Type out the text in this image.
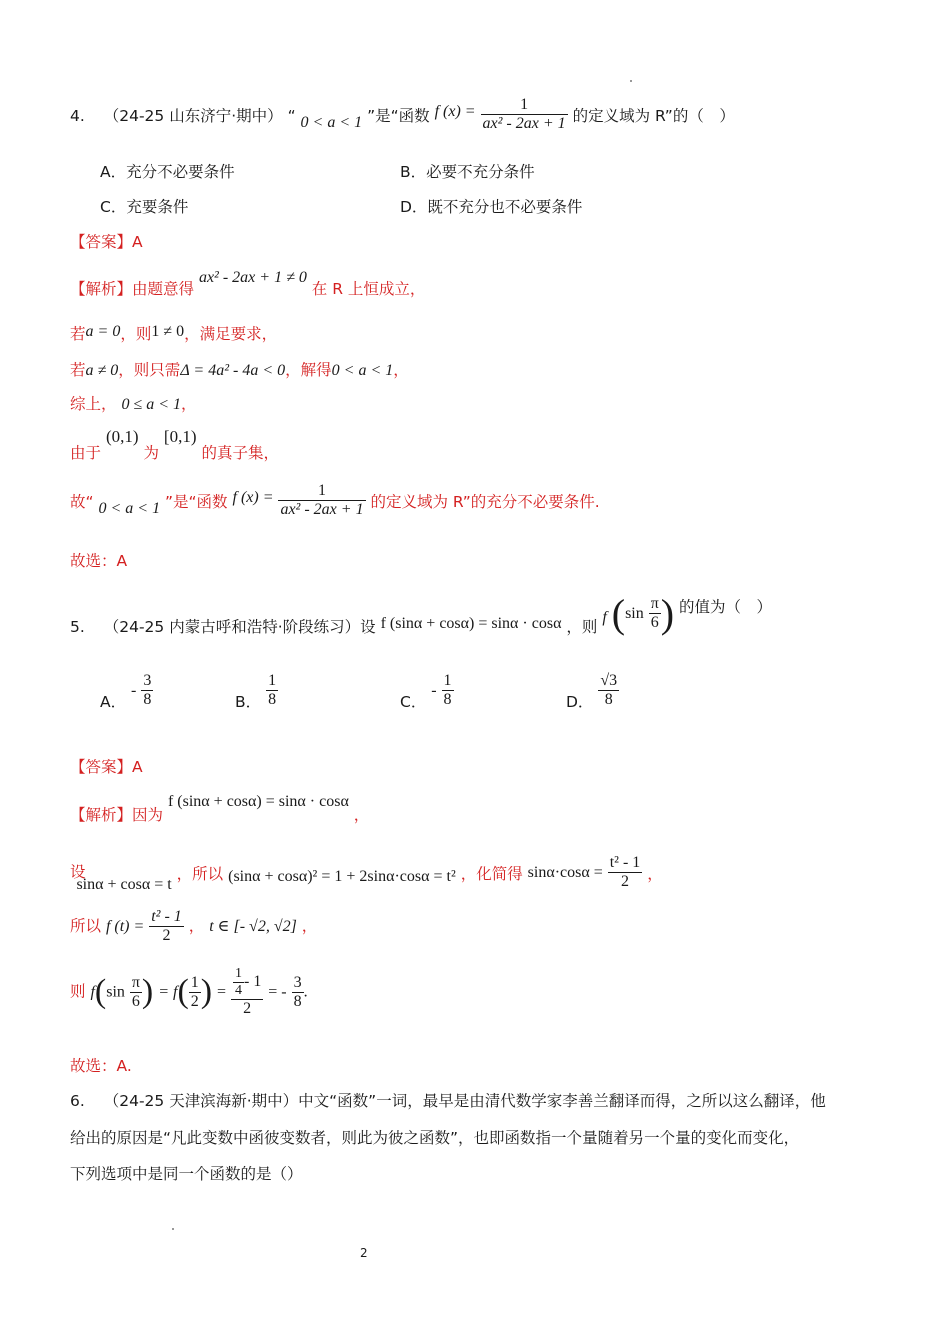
4. （24-25 山东济宁·期中） “ 0 < a < 1 ”是“函数 f $(x) = \frac{1}{\text{ax² - 2ax + 1}}$ 的定义域为 R”的（　）
A．充分不必要条件	B．必要不充分条件
C．充要条件	D．既不充分也不必要条件
【答案】A
【解析】由题意得 ax² - 2ax + 1 ≠ 0 在 R 上恒成立，
若a = 0，则1 ≠ 0，满足要求，
若a ≠ 0，则只需Δ = 4a² - 4a < 0，解得0 < a < 1，
综上， 0 ≤ a < 1，
由于 (0,1) 为 [0,1) 的真子集，
故“ 0 < a < 1 ”是“函数 f $(x) = \frac{1}{\text{ax² - 2ax + 1}}$ 的定义域为 R”的充分不必要条件.
故选：A
5. （24-25 内蒙古呼和浩特·阶段练习）设 f (sinα + cosα) = sinα · cosα ，则 f ($\sin \frac{\pi}{6}$ ) 的值为（　）
A． - $\frac{3}{8}$	B． $\frac{1}{8}$	C． - $\frac{1}{8}$	D． $\frac{√3}{8}$
【答案】A
【解析】因为 f (sinα + cosα) = sinα · cosα ，
设 sinα + cosα = t ，所以 (sinα + cosα)² = 1 + 2sinα·cosα = t² ，化简得 $\sin\alpha\cdot\cos\alpha = \frac{\text{t² - 1}}{2}$ ，
所以 f $(t) = \frac{\text{t² - 1}}{2}$ ， t ∈ [- √2, √2] ，
则 $f(\sin \frac{\pi}{6}$ ) = $f( \frac{1}{2}$ ) = $\frac{\frac{1}{4} - 1}{2}$ = - $\frac{3}{8}$ .
故选：A.
6. （24-25 天津滨海新·期中）中文“函数”一词，最早是由清代数学家李善兰翻译而得，之所以这么翻译，他
给出的原因是“凡此变数中函彼变数者，则此为彼之函数”，也即函数指一个量随着另一个量的变化而变化，
下列选项中是同一个函数的是（）
2
